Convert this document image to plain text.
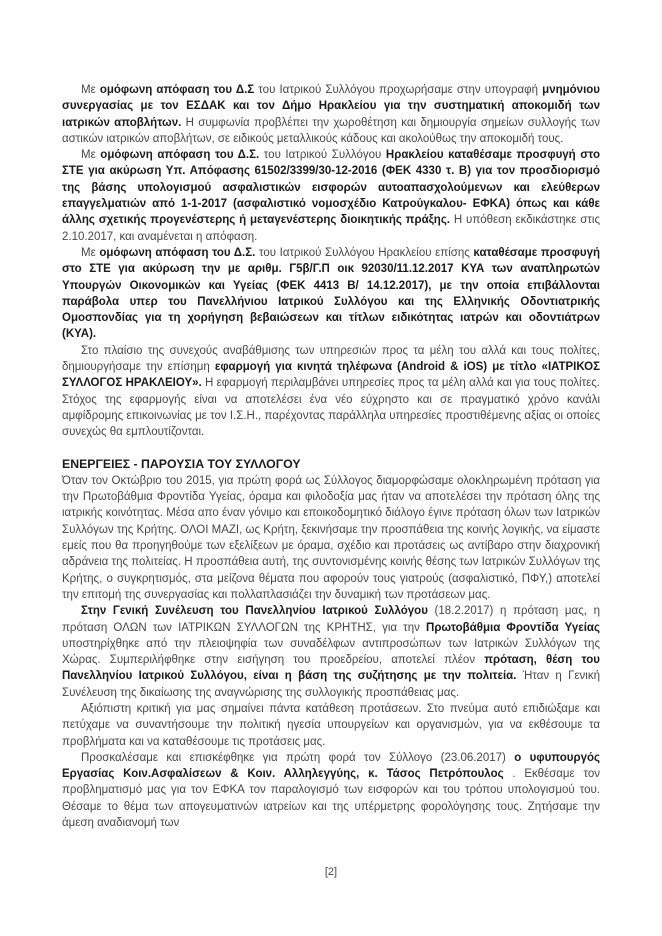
Με ομόφωνη απόφαση του Δ.Σ του Ιατρικού Συλλόγου προχωρήσαμε στην υπογραφή μνημόνιου συνεργασίας με τον ΕΣΔΑΚ και τον Δήμο Ηρακλείου για την συστηματική αποκομιδή των ιατρικών αποβλήτων. Η συμφωνία προβλέπει την χωροθέτηση και δημιουργία σημείων συλλογής των αστικών ιατρικών αποβλήτων, σε ειδικούς μεταλλικούς κάδους και ακολούθως την αποκομιδή τους.

Με ομόφωνη απόφαση του Δ.Σ. του Ιατρικού Συλλόγου Ηρακλείου καταθέσαμε προσφυγή στο ΣΤΕ για ακύρωση Υπ. Απόφασης 61502/3399/30-12-2016 (ΦΕΚ 4330 τ. Β) για τον προσδιορισμό της βάσης υπολογισμού ασφαλιστικών εισφορών αυτοαπασχολούμενων και ελεύθερων επαγγελματιών από 1-1-2017 (ασφαλιστικό νομοσχέδιο Κατρούγκαλου- ΕΦΚΑ) όπως και κάθε άλλης σχετικής προγενέστερης ή μεταγενέστερης διοικητικής πράξης. Η υπόθεση εκδικάστηκε στις 2.10.2017, και αναμένεται η απόφαση.

Με ομόφωνη απόφαση του Δ.Σ. του Ιατρικού Συλλόγου Ηρακλείου επίσης καταθέσαμε προσφυγή στο ΣΤΕ για ακύρωση την με αριθμ. Γ5β/Γ.Π οικ 92030/11.12.2017 ΚΥΑ των αναπληρωτών Υπουργών Οικονομικών και Υγείας (ΦΕΚ 4413 Β/ 14.12.2017), με την οποία επιβάλλονται παράβολα υπερ του Πανελλήνιου Ιατρικού Συλλόγου και της Ελληνικής Οδοντιατρικής Ομοσπονδίας για τη χορήγηση βεβαιώσεων και τίτλων ειδικότητας ιατρών και οδοντιάτρων (ΚΥΑ).

Στο πλαίσιο της συνεχούς αναβάθμισης των υπηρεσιών προς τα μέλη του αλλά και τους πολίτες, δημιουργήσαμε την επίσημη εφαρμογή για κινητά τηλέφωνα (Android & iOS) με τίτλο «ΙΑΤΡΙΚΟΣ ΣΥΛΛΟΓΟΣ ΗΡΑΚΛΕΙΟΥ». Η εφαρμογή περιλαμβάνει υπηρεσίες προς τα μέλη αλλά και για τους πολίτες. Στόχος της εφαρμογής είναι να αποτελέσει ένα νέο εύχρηστο και σε πραγματικό χρόνο κανάλι αμφίδρομης επικοινωνίας με τον Ι.Σ.Η., παρέχοντας παράλληλα υπηρεσίες προστιθέμενης αξίας οι οποίες συνεχώς θα εμπλουτίζονται.

ΕΝΕΡΓΕΙΕΣ - ΠΑΡΟΥΣΙΑ ΤΟΥ ΣΥΛΛΟΓΟΥ

Όταν τον Οκτώβριο του 2015, για πρώτη φορά ως Σύλλογος διαμορφώσαμε ολοκληρωμένη πρόταση για την Πρωτοβάθμια Φροντίδα Υγείας, όραμα και φιλοδοξία μας ήταν να αποτελέσει την πρόταση όλης της ιατρικής κοινότητας. Μέσα απο έναν γόνιμο και εποικοδομητικό διάλογο έγινε πρόταση όλων των Ιατρικών Συλλόγων της Κρήτης. ΟΛΟΙ ΜΑΖΙ, ως Κρήτη, ξεκινήσαμε την προσπάθεια της κοινής λογικής, να είμαστε εμείς που θα προηγηθούμε των εξελίξεων με όραμα, σχέδιο και προτάσεις ως αντίβαρο στην διαχρονική αδράνεια της πολιτείας. Η προσπάθεια αυτή, της συντονισμένης κοινής θέσης των Ιατρικών Συλλόγων της Κρήτης, ο συγκρητισμός, στα μείζονα θέματα που αφορούν τους γιατρούς (ασφαλιστικό, ΠΦΥ,) αποτελεί την επιτομή της συνεργασίας και πολλαπλασιάζει την δυναμική των προτάσεων μας.

Στην Γενική Συνέλευση του Πανελληνίου Ιατρικού Συλλόγου (18.2.2017) η πρόταση μας, η πρόταση ΟΛΩΝ των ΙΑΤΡΙΚΩΝ ΣΥΛΛΟΓΩΝ της ΚΡΗΤΗΣ, για την Πρωτοβάθμια Φροντίδα Υγείας υποστηρίχθηκε από την πλειοψηφία των συναδέλφων αντιπροσώπων των Ιατρικών Συλλόγων της Χώρας. Συμπεριλήφθηκε στην εισήγηση του προεδρείου, αποτελεί πλέον πρόταση, θέση του Πανελληνίου Ιατρικού Συλλόγου, είναι η βάση της συζήτησης με την πολιτεία. Ήταν η Γενική Συνέλευση της δικαίωσης της αναγνώρισης της συλλογικής προσπάθειας μας.

Αξιόπιστη κριτική για μας σημαίνει πάντα κατάθεση προτάσεων. Στο πνεύμα αυτό επιδιώξαμε και πετύχαμε να συναντήσουμε την πολιτική ηγεσία υπουργείων και οργανισμών, για να εκθέσουμε τα προβλήματα και να καταθέσουμε τις προτάσεις μας.

Προσκαλέσαμε και επισκέφθηκε για πρώτη φορά τον Σύλλογο (23.06.2017) ο υφυπουργός Εργασίας Κοιν.Ασφαλίσεων & Κοιν. Αλληλεγγύης, κ. Τάσος Πετρόπουλος . Εκθέσαμε τον προβληματισμό μας για τον ΕΦΚΑ τον παραλογισμό των εισφορών και του τρόπου υπολογισμού του. Θέσαμε το θέμα των απογευματινών ιατρείων και της υπέρμετρης φορολόγησης τους. Ζητήσαμε την άμεση αναδιανομή των

[2]
